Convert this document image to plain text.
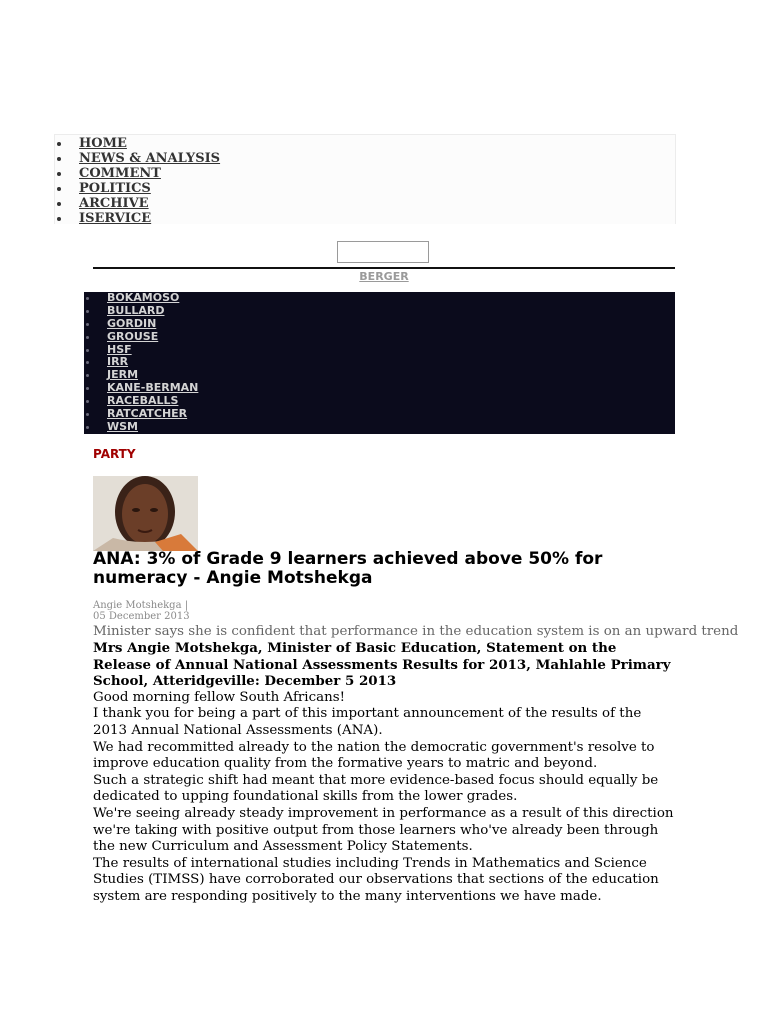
HOME
NEWS & ANALYSIS
COMMENT
POLITICS
ARCHIVE
ISERVICE
BERGER
BOKAMOSO
BULLARD
GORDIN
GROUSE
HSF
IRR
JERM
KANE-BERMAN
RACEBALLS
RATCATCHER
WSM
PARTY
ANA: 3% of Grade 9 learners achieved above 50% for numeracy - Angie Motshekga
Angie Motshekga |
05 December 2013
Minister says she is confident that performance in the education system is on an upward trend

Mrs Angie Motshekga, Minister of Basic Education, Statement on the Release of Annual National Assessments Results for 2013, Mahlahle Primary School, Atteridgeville: December 5 2013

Good morning fellow South Africans!

I thank you for being a part of this important announcement of the results of the 2013 Annual National Assessments (ANA).

We had recommitted already to the nation the democratic government's resolve to improve education quality from the formative years to matric and beyond.

Such a strategic shift had meant that more evidence-based focus should equally be dedicated to upping foundational skills from the lower grades.

We're seeing already steady improvement in performance as a result of this direction we're taking with positive output from those learners who've already been through the new Curriculum and Assessment Policy Statements.

The results of international studies including Trends in Mathematics and Science Studies (TIMSS) have corroborated our observations that sections of the education system are responding positively to the many interventions we have made.
